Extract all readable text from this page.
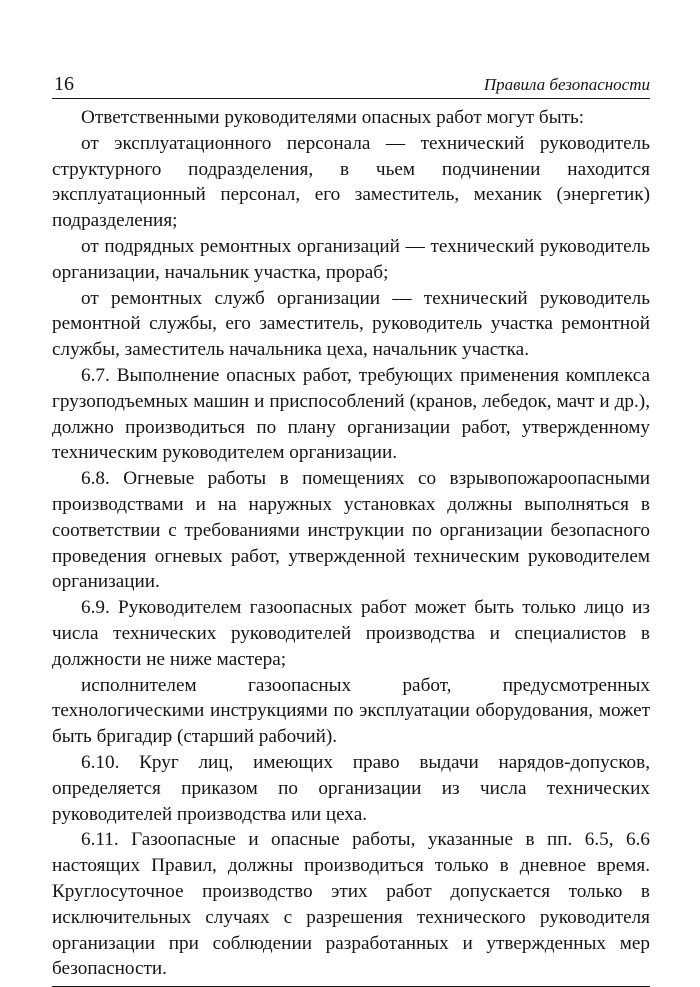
16	Правила безопасности

Ответственными руководителями опасных работ могут быть:

от эксплуатационного персонала — технический руководитель структурного подразделения, в чьем подчинении находится эксплуатационный персонал, его заместитель, механик (энергетик) подразделения;

от подрядных ремонтных организаций — технический руководитель организации, начальник участка, прораб;

от ремонтных служб организации — технический руководитель ремонтной службы, его заместитель, руководитель участка ремонтной службы, заместитель начальника цеха, начальник участка.

6.7. Выполнение опасных работ, требующих применения комплекса грузоподъемных машин и приспособлений (кранов, лебедок, мачт и др.), должно производиться по плану организации работ, утвержденному техническим руководителем организации.

6.8. Огневые работы в помещениях со взрывопожароопасными производствами и на наружных установках должны выполняться в соответствии с требованиями инструкции по организации безопасного проведения огневых работ, утвержденной техническим руководителем организации.

6.9. Руководителем газоопасных работ может быть только лицо из числа технических руководителей производства и специалистов в должности не ниже мастера;

исполнителем газоопасных работ, предусмотренных технологическими инструкциями по эксплуатации оборудования, может быть бригадир (старший рабочий).

6.10. Круг лиц, имеющих право выдачи нарядов-допусков, определяется приказом по организации из числа технических руководителей производства или цеха.

6.11. Газоопасные и опасные работы, указанные в пп. 6.5, 6.6 настоящих Правил, должны производиться только в дневное время. Круглосуточное производство этих работ допускается только в исключительных случаях с разрешения технического руководителя организации при соблюдении разработанных и утвержденных мер безопасности.
